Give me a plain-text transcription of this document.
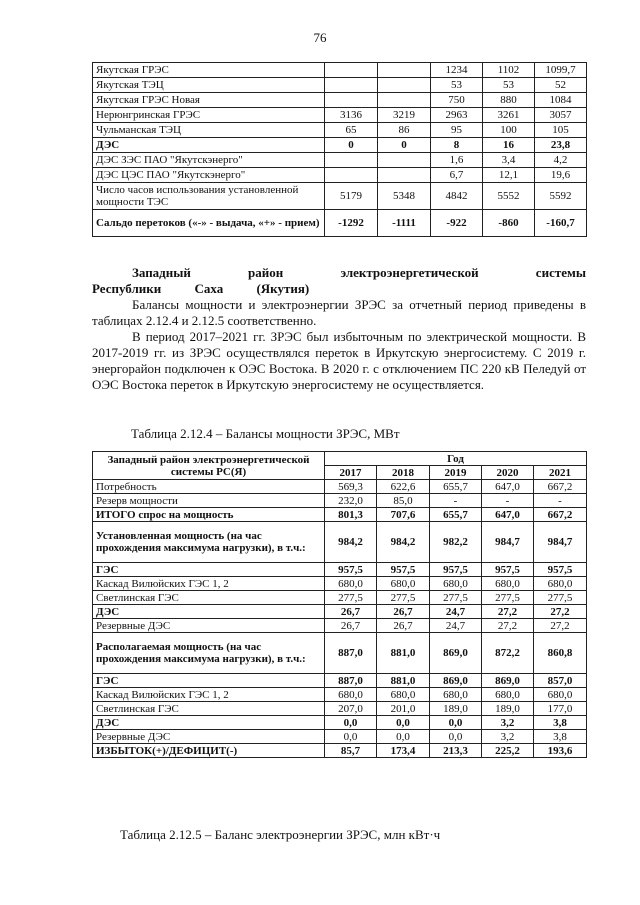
76
Якутская ГРЭС			1234	1102	1099,7
Якутская ТЭЦ			53	53	52
Якутская ГРЭС Новая			750	880	1084
Нерюнгринская ГРЭС	3136	3219	2963	3261	3057
Чульманская ТЭЦ	65	86	95	100	105
ДЭС	0	0	8	16	23,8
ДЭС ЗЭС ПАО "Якутскэнерго"			1,6	3,4	4,2
ДЭС ЦЭС ПАО "Якутскэнерго"			6,7	12,1	19,6
Число часов использования установленной мощности ТЭС	5179	5348	4842	5552	5592
Сальдо перетоков («-» - выдача, «+» - прием)	-1292	-1111	-922	-860	-160,7
Западный район электроэнергетической системы Республики Саха (Якутия)
Балансы мощности и электроэнергии ЗРЭС за отчетный период приведены в таблицах 2.12.4 и 2.12.5 соответственно.
В период 2017–2021 гг. ЗРЭС был избыточным по электрической мощности. В 2017-2019 гг. из ЗРЭС осуществлялся переток в Иркутскую энергосистему. С 2019 г. энергорайон подключен к ОЭС Востока. В 2020 г. с отключением ПС 220 кВ Пеледуй от ОЭС Востока переток в Иркутскую энергосистему не осуществляется.
Таблица 2.12.4 – Балансы мощности ЗРЭС, МВт
Западный район электроэнергетической системы РС(Я)	Год				
	2017	2018	2019	2020	2021
Потребность	569,3	622,6	655,7	647,0	667,2
Резерв мощности	232,0	85,0	-	-	-
ИТОГО спрос на мощность	801,3	707,6	655,7	647,0	667,2
Установленная мощность (на час прохождения максимума нагрузки), в т.ч.:	984,2	984,2	982,2	984,7	984,7
ГЭС	957,5	957,5	957,5	957,5	957,5
Каскад Вилюйских ГЭС 1, 2	680,0	680,0	680,0	680,0	680,0
Светлинская ГЭС	277,5	277,5	277,5	277,5	277,5
ДЭС	26,7	26,7	24,7	27,2	27,2
Резервные ДЭС	26,7	26,7	24,7	27,2	27,2
Располагаемая мощность (на час прохождения максимума нагрузки), в т.ч.:	887,0	881,0	869,0	872,2	860,8
ГЭС	887,0	881,0	869,0	869,0	857,0
Каскад Вилюйских ГЭС 1, 2	680,0	680,0	680,0	680,0	680,0
Светлинская ГЭС	207,0	201,0	189,0	189,0	177,0
ДЭС	0,0	0,0	0,0	3,2	3,8
Резервные ДЭС	0,0	0,0	0,0	3,2	3,8
ИЗБЫТОК(+)/ДЕФИЦИТ(-)	85,7	173,4	213,3	225,2	193,6
Таблица 2.12.5 – Баланс электроэнергии ЗРЭС, млн кВт·ч
